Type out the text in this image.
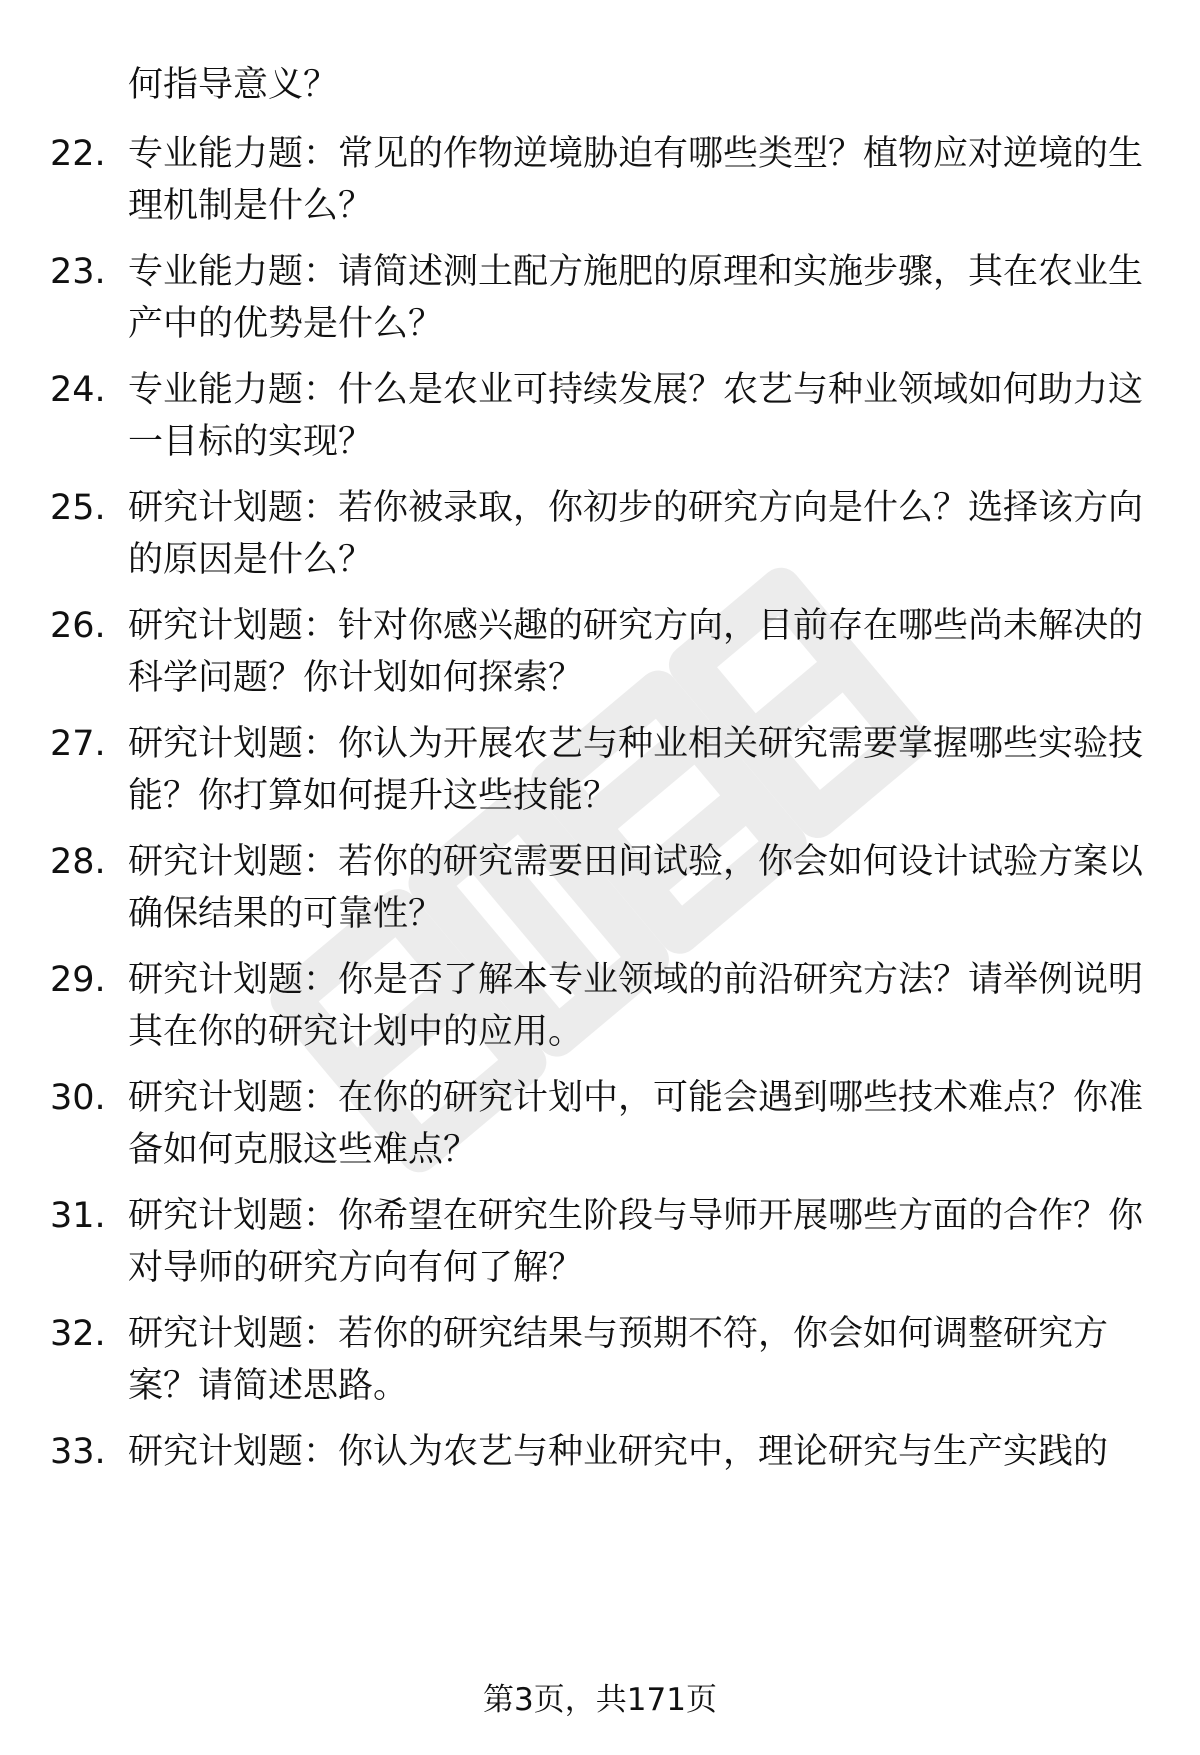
何指导意义？
22. 专业能力题：常见的作物逆境胁迫有哪些类型？植物应对逆境的生理机制是什么？
23. 专业能力题：请简述测土配方施肥的原理和实施步骤，其在农业生产中的优势是什么？
24. 专业能力题：什么是农业可持续发展？农艺与种业领域如何助力这一目标的实现？
25. 研究计划题：若你被录取，你初步的研究方向是什么？选择该方向的原因是什么？
26. 研究计划题：针对你感兴趣的研究方向，目前存在哪些尚未解决的科学问题？你计划如何探索？
27. 研究计划题：你认为开展农艺与种业相关研究需要掌握哪些实验技能？你打算如何提升这些技能？
28. 研究计划题：若你的研究需要田间试验，你会如何设计试验方案以确保结果的可靠性？
29. 研究计划题：你是否了解本专业领域的前沿研究方法？请举例说明其在你的研究计划中的应用。
30. 研究计划题：在你的研究计划中，可能会遇到哪些技术难点？你准备如何克服这些难点？
31. 研究计划题：你希望在研究生阶段与导师开展哪些方面的合作？你对导师的研究方向有何了解？
32. 研究计划题：若你的研究结果与预期不符，你会如何调整研究方案？请简述思路。
33. 研究计划题：你认为农艺与种业研究中，理论研究与生产实践的
第3页，共171页
